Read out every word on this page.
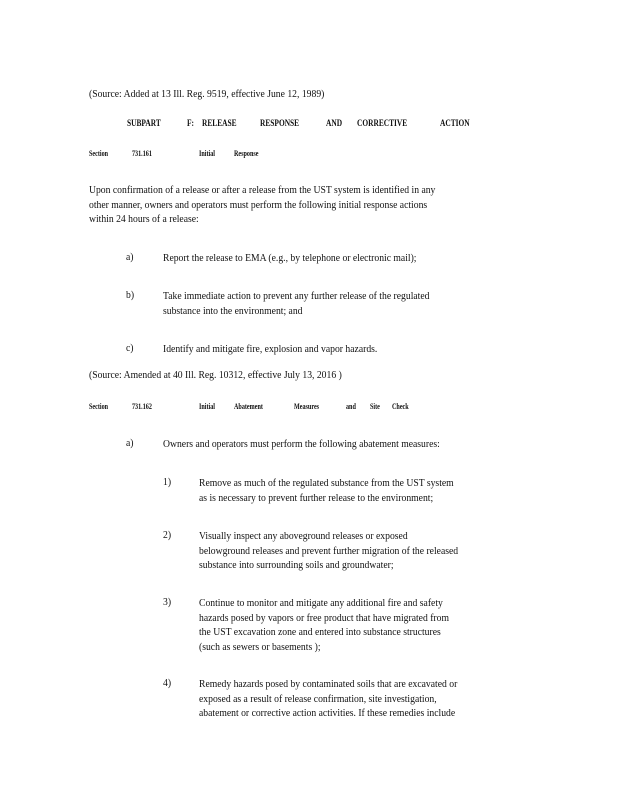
(Source: Added at 13 Ill. Reg. 9519, effective June 12, 1989)
SUBPART	F: RELEASE RESPONSE	AND CORRECTIVE	ACTION
Section	731.161	Initial Response
Upon confirmation of a release or after a release from the UST system is identified in any
other manner, owners and operators must perform the following initial response actions
within 24 hours of a release:
a)	Report the release to EMA (e.g., by telephone or electronic mail);
b)	Take immediate action to prevent any further release of the regulated
substance into the environment; and
c)	Identify and mitigate fire, explosion and vapor hazards.
(Source: Amended at 40 Ill. Reg. 10312, effective July 13, 2016 )
Section	731.162	Initial Abatement	Measures	and Site Check
a)	Owners and operators must perform the following abatement measures:
1)	Remove as much of the regulated substance from the UST system
as is necessary to prevent further release to the environment;
2)	Visually inspect any aboveground releases or exposed
belowground releases and prevent further migration of the released
substance into surrounding soils and groundwater;
3)	Continue to monitor and mitigate any additional fire and safety
hazards posed by vapors or free product that have migrated from
the UST excavation zone and entered into substance structures
(such as sewers or basements );
4)	Remedy hazards posed by contaminated soils that are excavated or
exposed as a result of release confirmation, site investigation,
abatement or corrective action activities. If these remedies include
